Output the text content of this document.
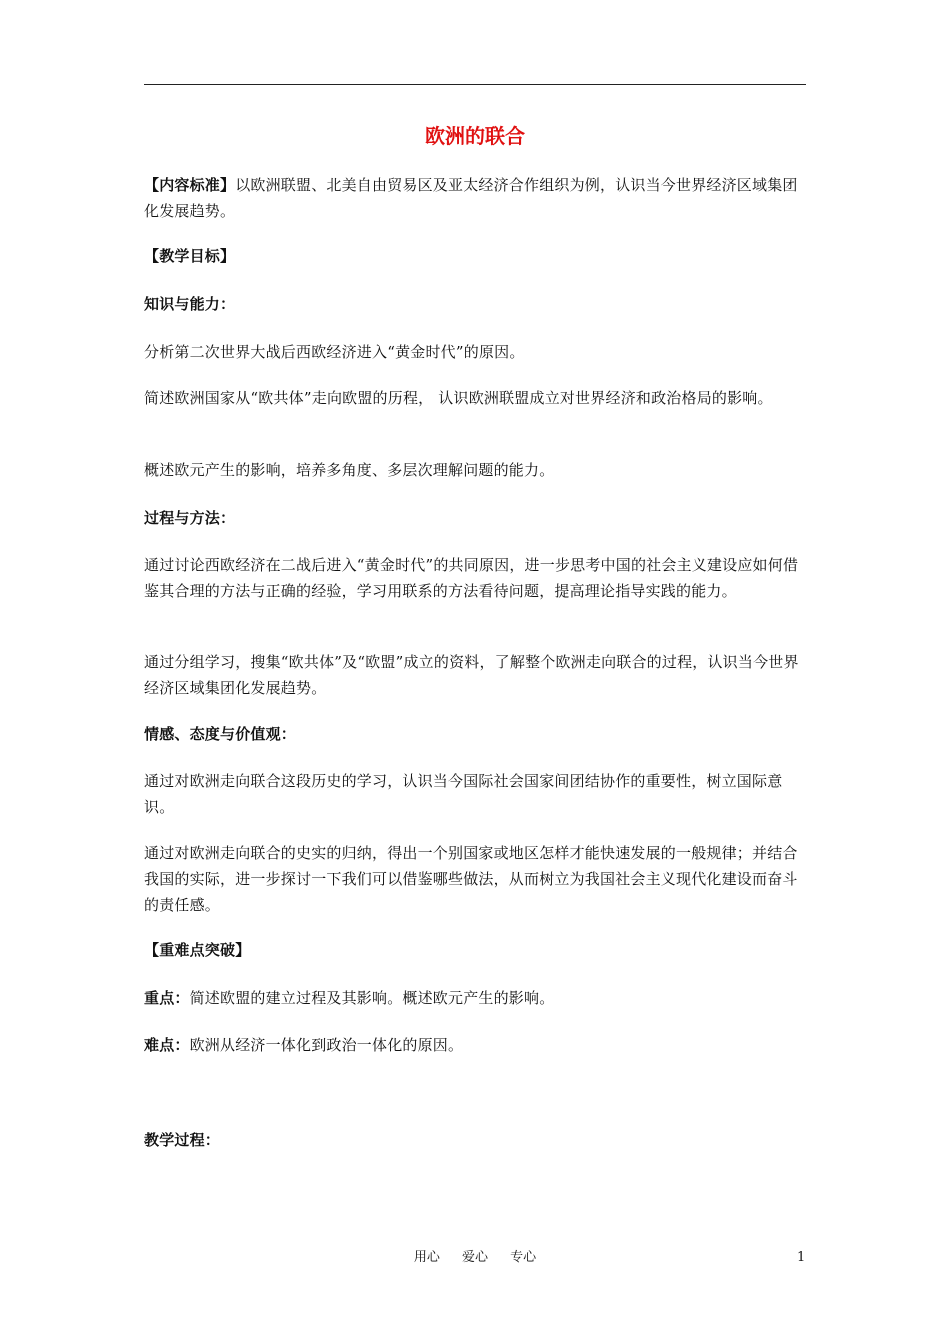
欧洲的联合

【内容标准】以欧洲联盟、北美自由贸易区及亚太经济合作组织为例，认识当今世界经济区域集团化发展趋势。

【教学目标】

知识与能力：

分析第二次世界大战后西欧经济进入“黄金时代”的原因。

简述欧洲国家从“欧共体”走向欧盟的历程， 认识欧洲联盟成立对世界经济和政治格局的影响。

概述欧元产生的影响，培养多角度、多层次理解问题的能力。

过程与方法：

通过讨论西欧经济在二战后进入“黄金时代”的共同原因，进一步思考中国的社会主义建设应如何借鉴其合理的方法与正确的经验，学习用联系的方法看待问题，提高理论指导实践的能力。

通过分组学习，搜集“欧共体”及“欧盟”成立的资料，了解整个欧洲走向联合的过程，认识当今世界经济区域集团化发展趋势。

情感、态度与价值观：

通过对欧洲走向联合这段历史的学习，认识当今国际社会国家间团结协作的重要性，树立国际意识。

通过对欧洲走向联合的史实的归纳，得出一个别国家或地区怎样才能快速发展的一般规律；并结合我国的实际，进一步探讨一下我们可以借鉴哪些做法，从而树立为我国社会主义现代化建设而奋斗的责任感。

【重难点突破】

重点：简述欧盟的建立过程及其影响。概述欧元产生的影响。

难点：欧洲从经济一体化到政治一体化的原因。

教学过程：

用心 爱心 专心	1
